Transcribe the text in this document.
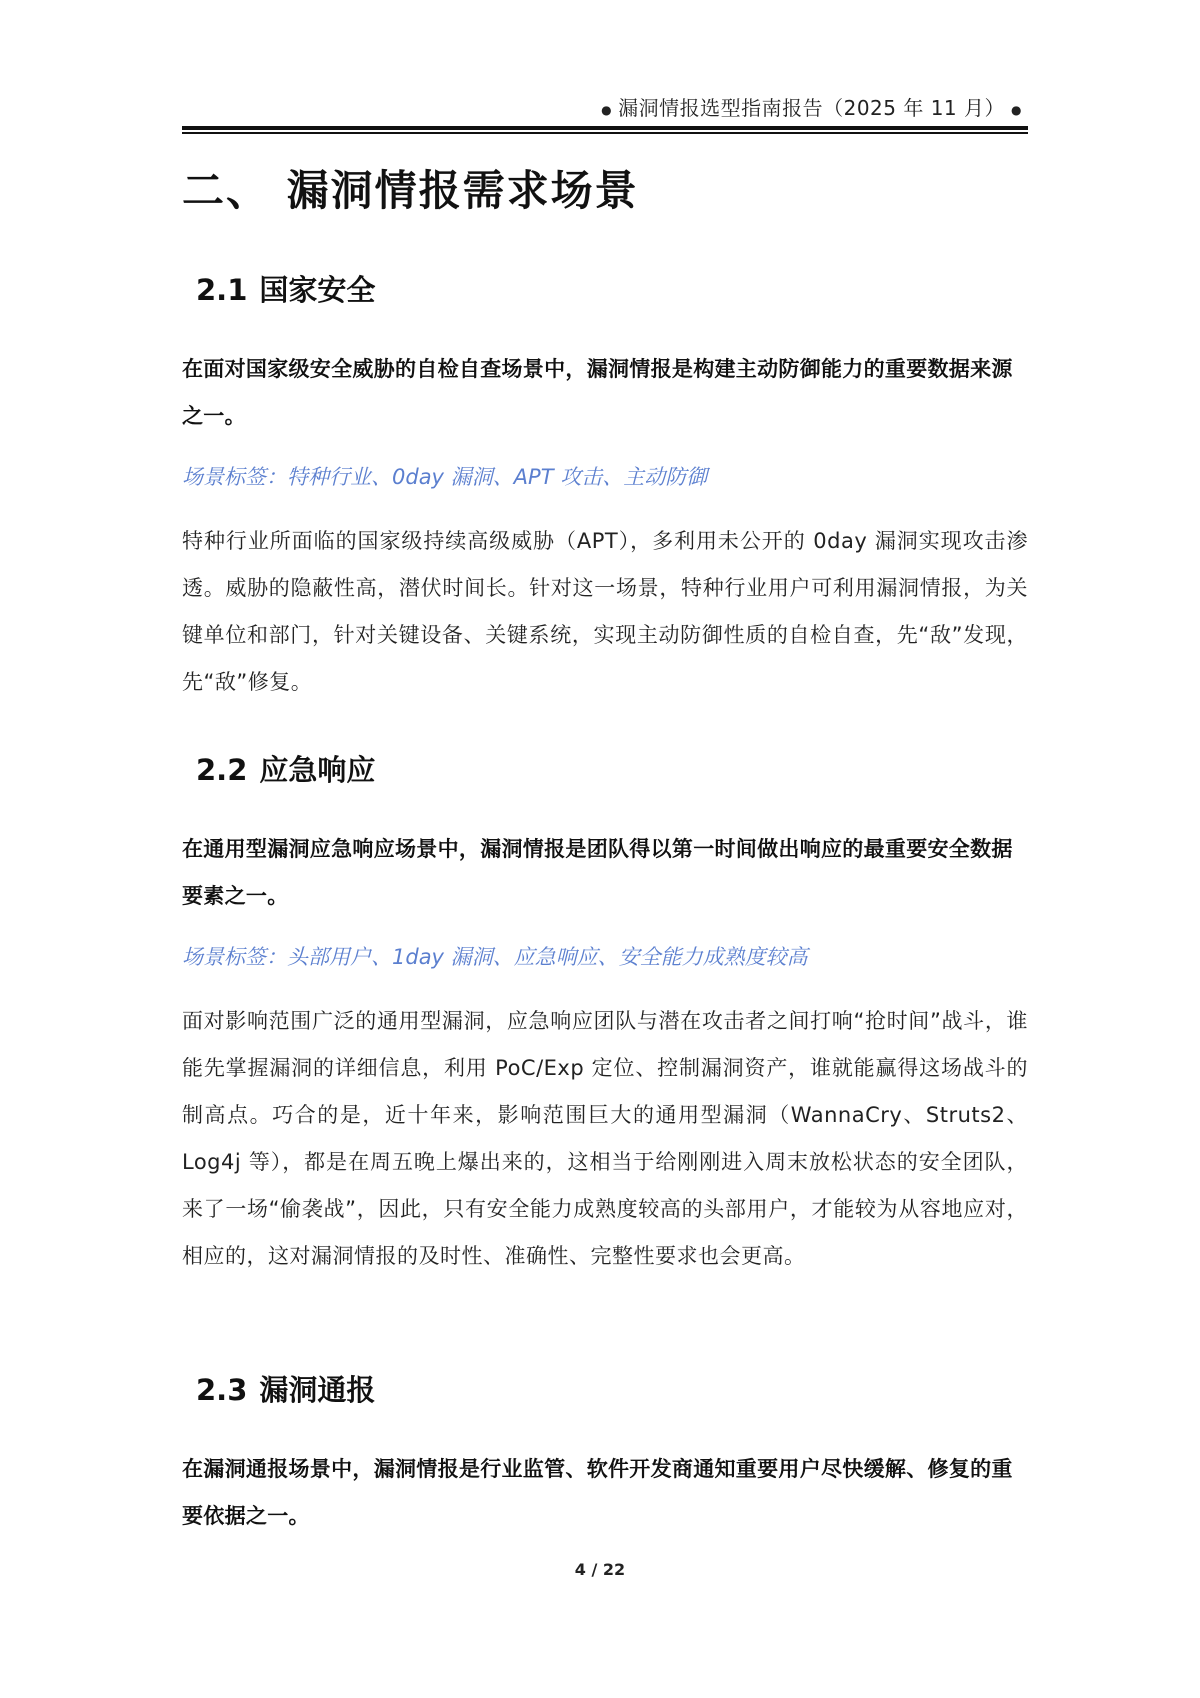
● 漏洞情报选型指南报告（2025 年 11 月） ●
二、 漏洞情报需求场景
2.1 国家安全

在面对国家级安全威胁的自检自查场景中，漏洞情报是构建主动防御能力的重要数据来源之一。

场景标签：特种行业、0day 漏洞、APT 攻击、主动防御

特种行业所面临的国家级持续高级威胁（APT），多利用未公开的 0day 漏洞实现攻击渗透。威胁的隐蔽性高，潜伏时间长。针对这一场景，特种行业用户可利用漏洞情报，为关键单位和部门，针对关键设备、关键系统，实现主动防御性质的自检自查，先“敌”发现，先“敌”修复。

2.2 应急响应

在通用型漏洞应急响应场景中，漏洞情报是团队得以第一时间做出响应的最重要安全数据要素之一。

场景标签：头部用户、1day 漏洞、应急响应、安全能力成熟度较高

面对影响范围广泛的通用型漏洞，应急响应团队与潜在攻击者之间打响“抢时间”战斗，谁能先掌握漏洞的详细信息，利用 PoC/Exp 定位、控制漏洞资产，谁就能赢得这场战斗的制高点。巧合的是，近十年来，影响范围巨大的通用型漏洞（WannaCry、Struts2、Log4j 等），都是在周五晚上爆出来的，这相当于给刚刚进入周末放松状态的安全团队，来了一场“偷袭战”，因此，只有安全能力成熟度较高的头部用户，才能较为从容地应对，相应的，这对漏洞情报的及时性、准确性、完整性要求也会更高。

2.3 漏洞通报

在漏洞通报场景中，漏洞情报是行业监管、软件开发商通知重要用户尽快缓解、修复的重要依据之一。

4 / 22
